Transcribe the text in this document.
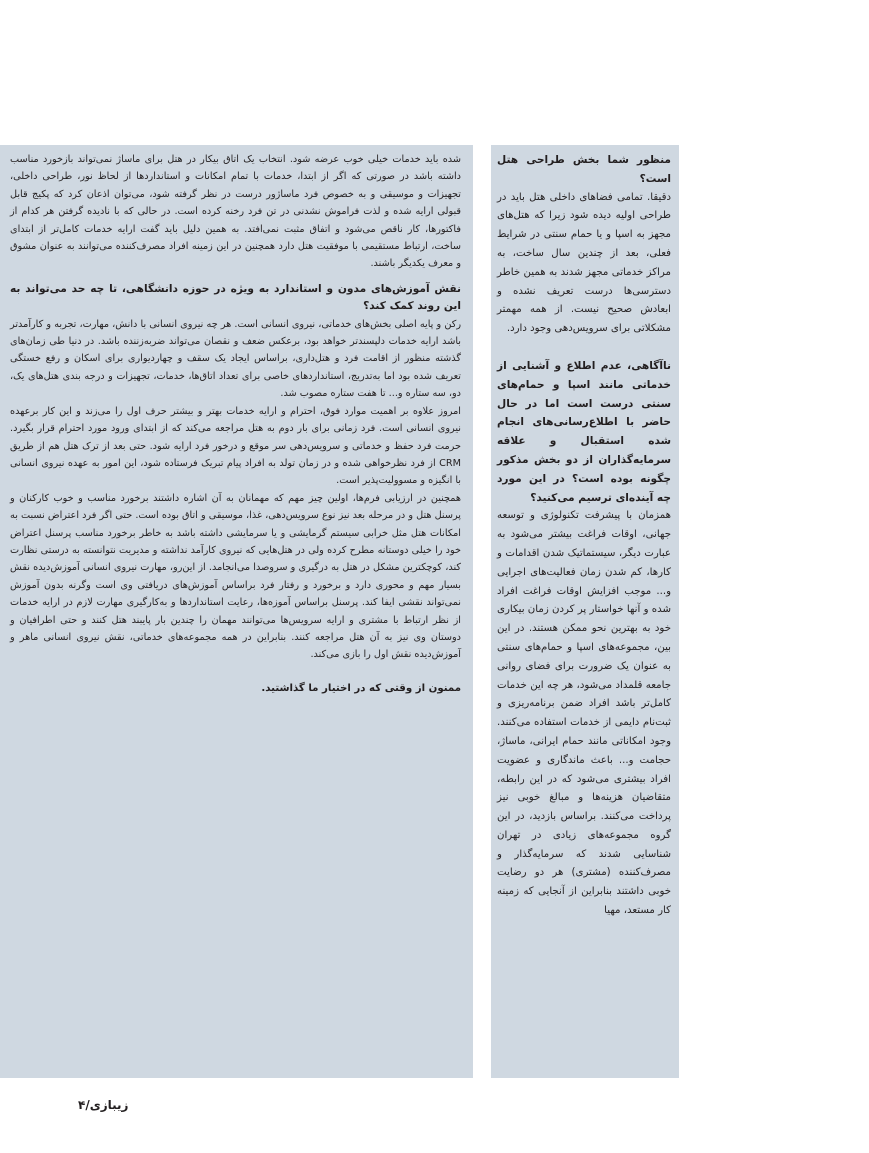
شده باید خدمات خیلی خوب عرضه شود. انتخاب یک اتاق بیکار در هتل برای ماساژ نمی‌تواند بازخورد مناسب داشته باشد در صورتی که اگر از ابتدا، خدمات با تمام امکانات و استانداردها از لحاظ نور، طراحی داخلی، تجهیزات و موسیقی و به خصوص فرد ماساژور درست در نظر گرفته شود، می‌توان اذعان کرد که پکیج قابل قبولی ارایه شده و لذت فراموش نشدنی در تن فرد رخنه کرده است. در حالی که با نادیده گرفتن هر کدام از فاکتورها، کار ناقص می‌شود و اتفاق مثبت نمی‌افتد. به همین دلیل باید گفت ارایه خدمات کامل‌تر از ابتدای ساخت، ارتباط مستقیمی با موفقیت هتل دارد همچنین در این زمینه افراد مصرف‌کننده می‌توانند به عنوان مشوق و معرف یکدیگر باشند.

نقش آموزش‌های مدون و استاندارد به ویژه در حوزه دانشگاهی، تا چه حد می‌تواند به این روند کمک کند؟

رکن و پایه اصلی بخش‌های خدماتی، نیروی انسانی است. هر چه نیروی انسانی با دانش، مهارت، تجربه و کارآمدتر باشد ارایه خدمات دلپسندتر خواهد بود، برعکس ضعف و نقصان می‌تواند ضربه‌زننده باشد. در دنیا طی زمان‌های گذشته منظور از اقامت فرد و هتل‌داری، براساس ایجاد یک سقف و چهاردیواری برای اسکان و رفع خستگی تعریف شده بود اما به‌تدریج، استانداردهای خاصی برای تعداد اتاق‌ها، خدمات، تجهیزات و درجه بندی هتل‌های یک، دو، سه ستاره و... تا هفت ستاره مصوب شد.

امروز علاوه بر اهمیت موارد فوق، احترام و ارایه خدمات بهتر و بیشتر حرف اول را می‌زند و این کار برعهده نیروی انسانی است. فرد زمانی برای بار دوم به هتل مراجعه می‌کند که از ابتدای ورود مورد احترام قرار بگیرد. حرمت فرد حفظ و خدماتی و سرویس‌دهی سر موقع و درخور فرد ارایه شود. حتی بعد از ترک هتل هم از طریق CRM از فرد نظرخواهی شده و در زمان تولد به افراد پیام تبریک فرستاده شود، این امور به عهده نیروی انسانی با انگیزه و مسوولیت‌پذیر است.

همچنین در ارزیابی فرم‌ها، اولین چیز مهم که مهمانان به آن اشاره داشتند برخورد مناسب و خوب کارکنان و پرسنل هتل و در مرحله بعد نیز نوع سرویس‌دهی، غذا، موسیقی و اتاق بوده است. حتی اگر فرد اعتراض نسبت به امکانات هتل مثل خرابی سیستم گرمایشی و یا سرمایشی داشته باشد به خاطر برخورد مناسب پرسنل اعتراض خود را خیلی دوستانه مطرح کرده ولی در هتل‌هایی که نیروی کارآمد نداشته و مدیریت نتوانسته به درستی نظارت کند، کوچکترین مشکل در هتل به درگیری و سروصدا می‌انجامد. از این‌رو، مهارت نیروی انسانی آموزش‌دیده نقش بسیار مهم و محوری دارد و برخورد و رفتار فرد براساس آموزش‌های دریافتی وی است وگرنه بدون آموزش نمی‌تواند نقشی ایفا کند. پرسنل براساس آموزه‌ها، رعایت استانداردها و به‌کارگیری مهارت لازم در ارایه خدمات از نظر ارتباط با مشتری و ارایه سرویس‌ها می‌توانند مهمان را چندین بار پایبند هتل کنند و حتی اطرافیان و دوستان وی نیز به آن هتل مراجعه کنند. بنابراین در همه مجموعه‌های خدماتی، نقش نیروی انسانی ماهر و آموزش‌دیده نقش اول را بازی می‌کند.

ممنون از وقتی که در اختیار ما گذاشتید.

منظور شما بخش طراحی هتل است؟

دقیقا. تمامی فضاهای داخلی هتل باید در طراحی اولیه دیده شود زیرا که هتل‌های مجهز به اسپا و یا حمام سنتی در شرایط فعلی، بعد از چندین سال ساخت، به مراکز خدماتی مجهز شدند به همین خاطر دسترسی‌ها درست تعریف نشده و ابعادش صحیح نیست. از همه مهمتر مشکلاتی برای سرویس‌دهی وجود دارد.

ناآگاهی، عدم اطلاع و آشنایی از خدماتی مانند اسپا و حمام‌های سنتی درست است اما در حال حاضر با اطلاع‌رسانی‌های انجام شده استقبال و علاقه سرمایه‌گذاران از دو بخش مذکور چگونه بوده است؟ در این مورد چه آینده‌ای ترسیم می‌کنید؟

همزمان با پیشرفت تکنولوژی و توسعه جهانی، اوقات فراغت بیشتر می‌شود به عبارت دیگر، سیستماتیک شدن اقدامات و کارها، کم شدن زمان فعالیت‌های اجرایی و... موجب افزایش اوقات فراغت افراد شده و آنها خواستار پر کردن زمان بیکاری خود به بهترین نحو ممکن هستند. در این بین، مجموعه‌های اسپا و حمام‌های سنتی به عنوان یک ضرورت برای فضای روانی جامعه قلمداد می‌شود، هر چه این خدمات کامل‌تر باشد افراد ضمن برنامه‌ریزی و ثبت‌نام دایمی از خدمات استفاده می‌کنند. وجود امکاناتی مانند حمام ایرانی، ماساژ، حجامت و... باعث ماندگاری و عضویت افراد بیشتری می‌شود که در این رابطه، متقاضیان هزینه‌ها و مبالغ خوبی نیز پرداخت می‌کنند. براساس بازدید، در این گروه مجموعه‌های زیادی در تهران شناسایی شدند که سرمایه‌گذار و مصرف‌کننده (مشتری) هر دو رضایت خوبی داشتند بنابراین از آنجایی که زمینه کار مستعد، مهیا

زیبازی/۴
